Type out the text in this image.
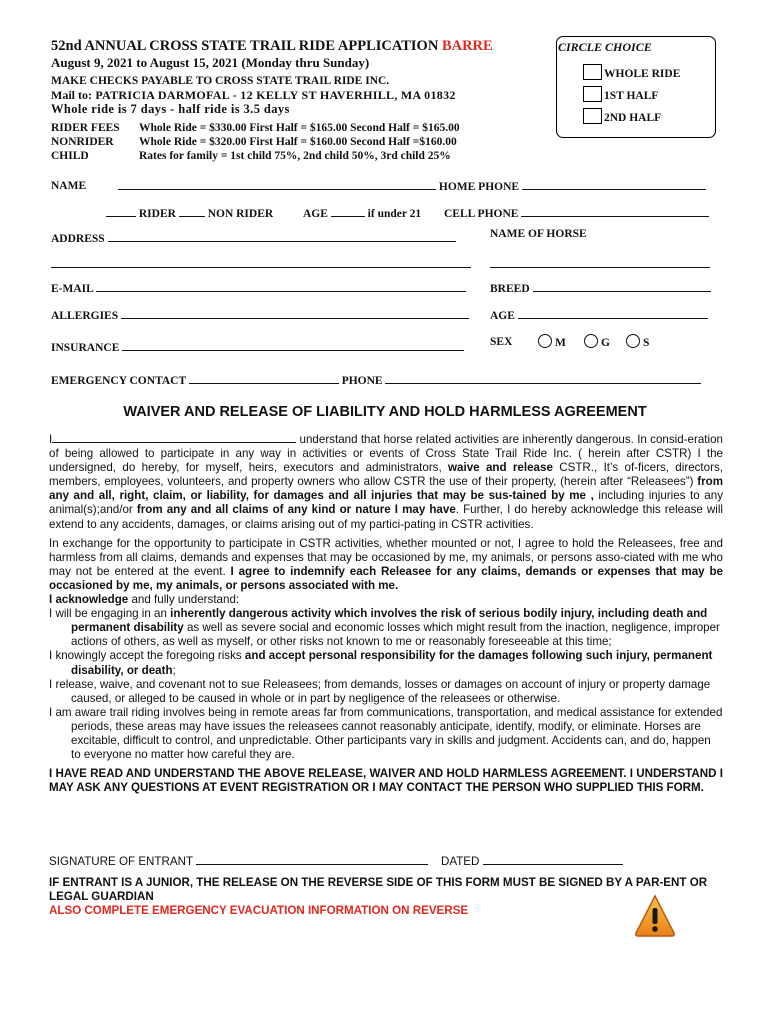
52nd ANNUAL CROSS STATE TRAIL RIDE APPLICATION BARRE
August 9, 2021 to August 15, 2021 (Monday thru Sunday)
MAKE CHECKS PAYABLE TO CROSS STATE TRAIL RIDE INC.
Mail to: PATRICIA DARMOFAL - 12 KELLY ST HAVERHILL, MA 01832
Whole ride is 7 days - half ride is 3.5 days
RIDER FEES Whole Ride = $330.00 First Half = $165.00 Second Half = $165.00
NONRIDER Whole Ride = $320.00 First Half = $160.00 Second Half =$160.00
CHILD	Rates for family = 1st child 75%, 2nd child 50%, 3rd child 25%
CIRCLE CHOICE
WHOLE RIDE
1ST HALF
2ND HALF
NAME	HOME PHONE
RIDER	NON RIDER	AGE	if under 21 CELL PHONE
ADDRESS	NAME OF HORSE
E-MAIL	BREED
ALLERGIES	AGE
INSURANCE	SEX	M	G	S
EMERGENCY CONTACT	PHONE
WAIVER AND RELEASE OF LIABILITY AND HOLD HARMLESS AGREEMENT

I	understand that horse related activities are inherently dangerous. In consid-eration of being allowed to participate in any way in activities or events of Cross State Trail Ride Inc. ( herein after CSTR) I the undersigned, do hereby, for myself, heirs, executors and administrators, waive and release CSTR., It’s of-ficers, directors, members, employees, volunteers, and property owners who allow CSTR the use of their property, (herein after “Releasees”) from any and all, right, claim, or liability, for damages and all injuries that may be sus-tained by me , including injuries to any animal(s);and/or from any and all claims of any kind or nature I may have. Further, I do hereby acknowledge this release will extend to any accidents, damages, or claims arising out of my partici-pating in CSTR activities.

In exchange for the opportunity to participate in CSTR activities, whether mounted or not, I agree to hold the Releasees, free and harmless from all claims, demands and expenses that may be occasioned by me, my animals, or persons asso-ciated with me who may not be entered at the event. I agree to indemnify each Releasee for any claims, demands or expenses that may be occasioned by me, my animals, or persons associated with me.

I acknowledge and fully understand:

I will be engaging in an inherently dangerous activity which involves the risk of serious bodily injury, including death and permanent disability as well as severe social and economic losses which might result from the inaction, negligence, improper actions of others, as well as myself, or other risks not known to me or reasonably foreseeable at this time;

I knowingly accept the foregoing risks and accept personal responsibility for the damages following such injury, permanent disability, or death;

I release, waive, and covenant not to sue Releasees; from demands, losses or damages on account of injury or property damage caused, or alleged to be caused in whole or in part by negligence of the releasees or otherwise.

I am aware trail riding involves being in remote areas far from communications, transportation, and medical assistance for extended periods, these areas may have issues the releasees cannot reasonably anticipate, identify, modify, or eliminate. Horses are excitable, difficult to control, and unpredictable. Other participants vary in skills and judgment. Accidents can, and do, happen to everyone no matter how careful they are.

I HAVE READ AND UNDERSTAND THE ABOVE RELEASE, WAIVER AND HOLD HARMLESS AGREEMENT. I UNDERSTAND I MAY ASK ANY QUESTIONS AT EVENT REGISTRATION OR I MAY CONTACT THE PERSON WHO SUPPLIED THIS FORM.

SIGNATURE OF ENTRANT	DATED
IF ENTRANT IS A JUNIOR, THE RELEASE ON THE REVERSE SIDE OF THIS FORM MUST BE SIGNED BY A PAR-ENT OR LEGAL GUARDIAN
ALSO COMPLETE EMERGENCY EVACUATION INFORMATION ON REVERSE
